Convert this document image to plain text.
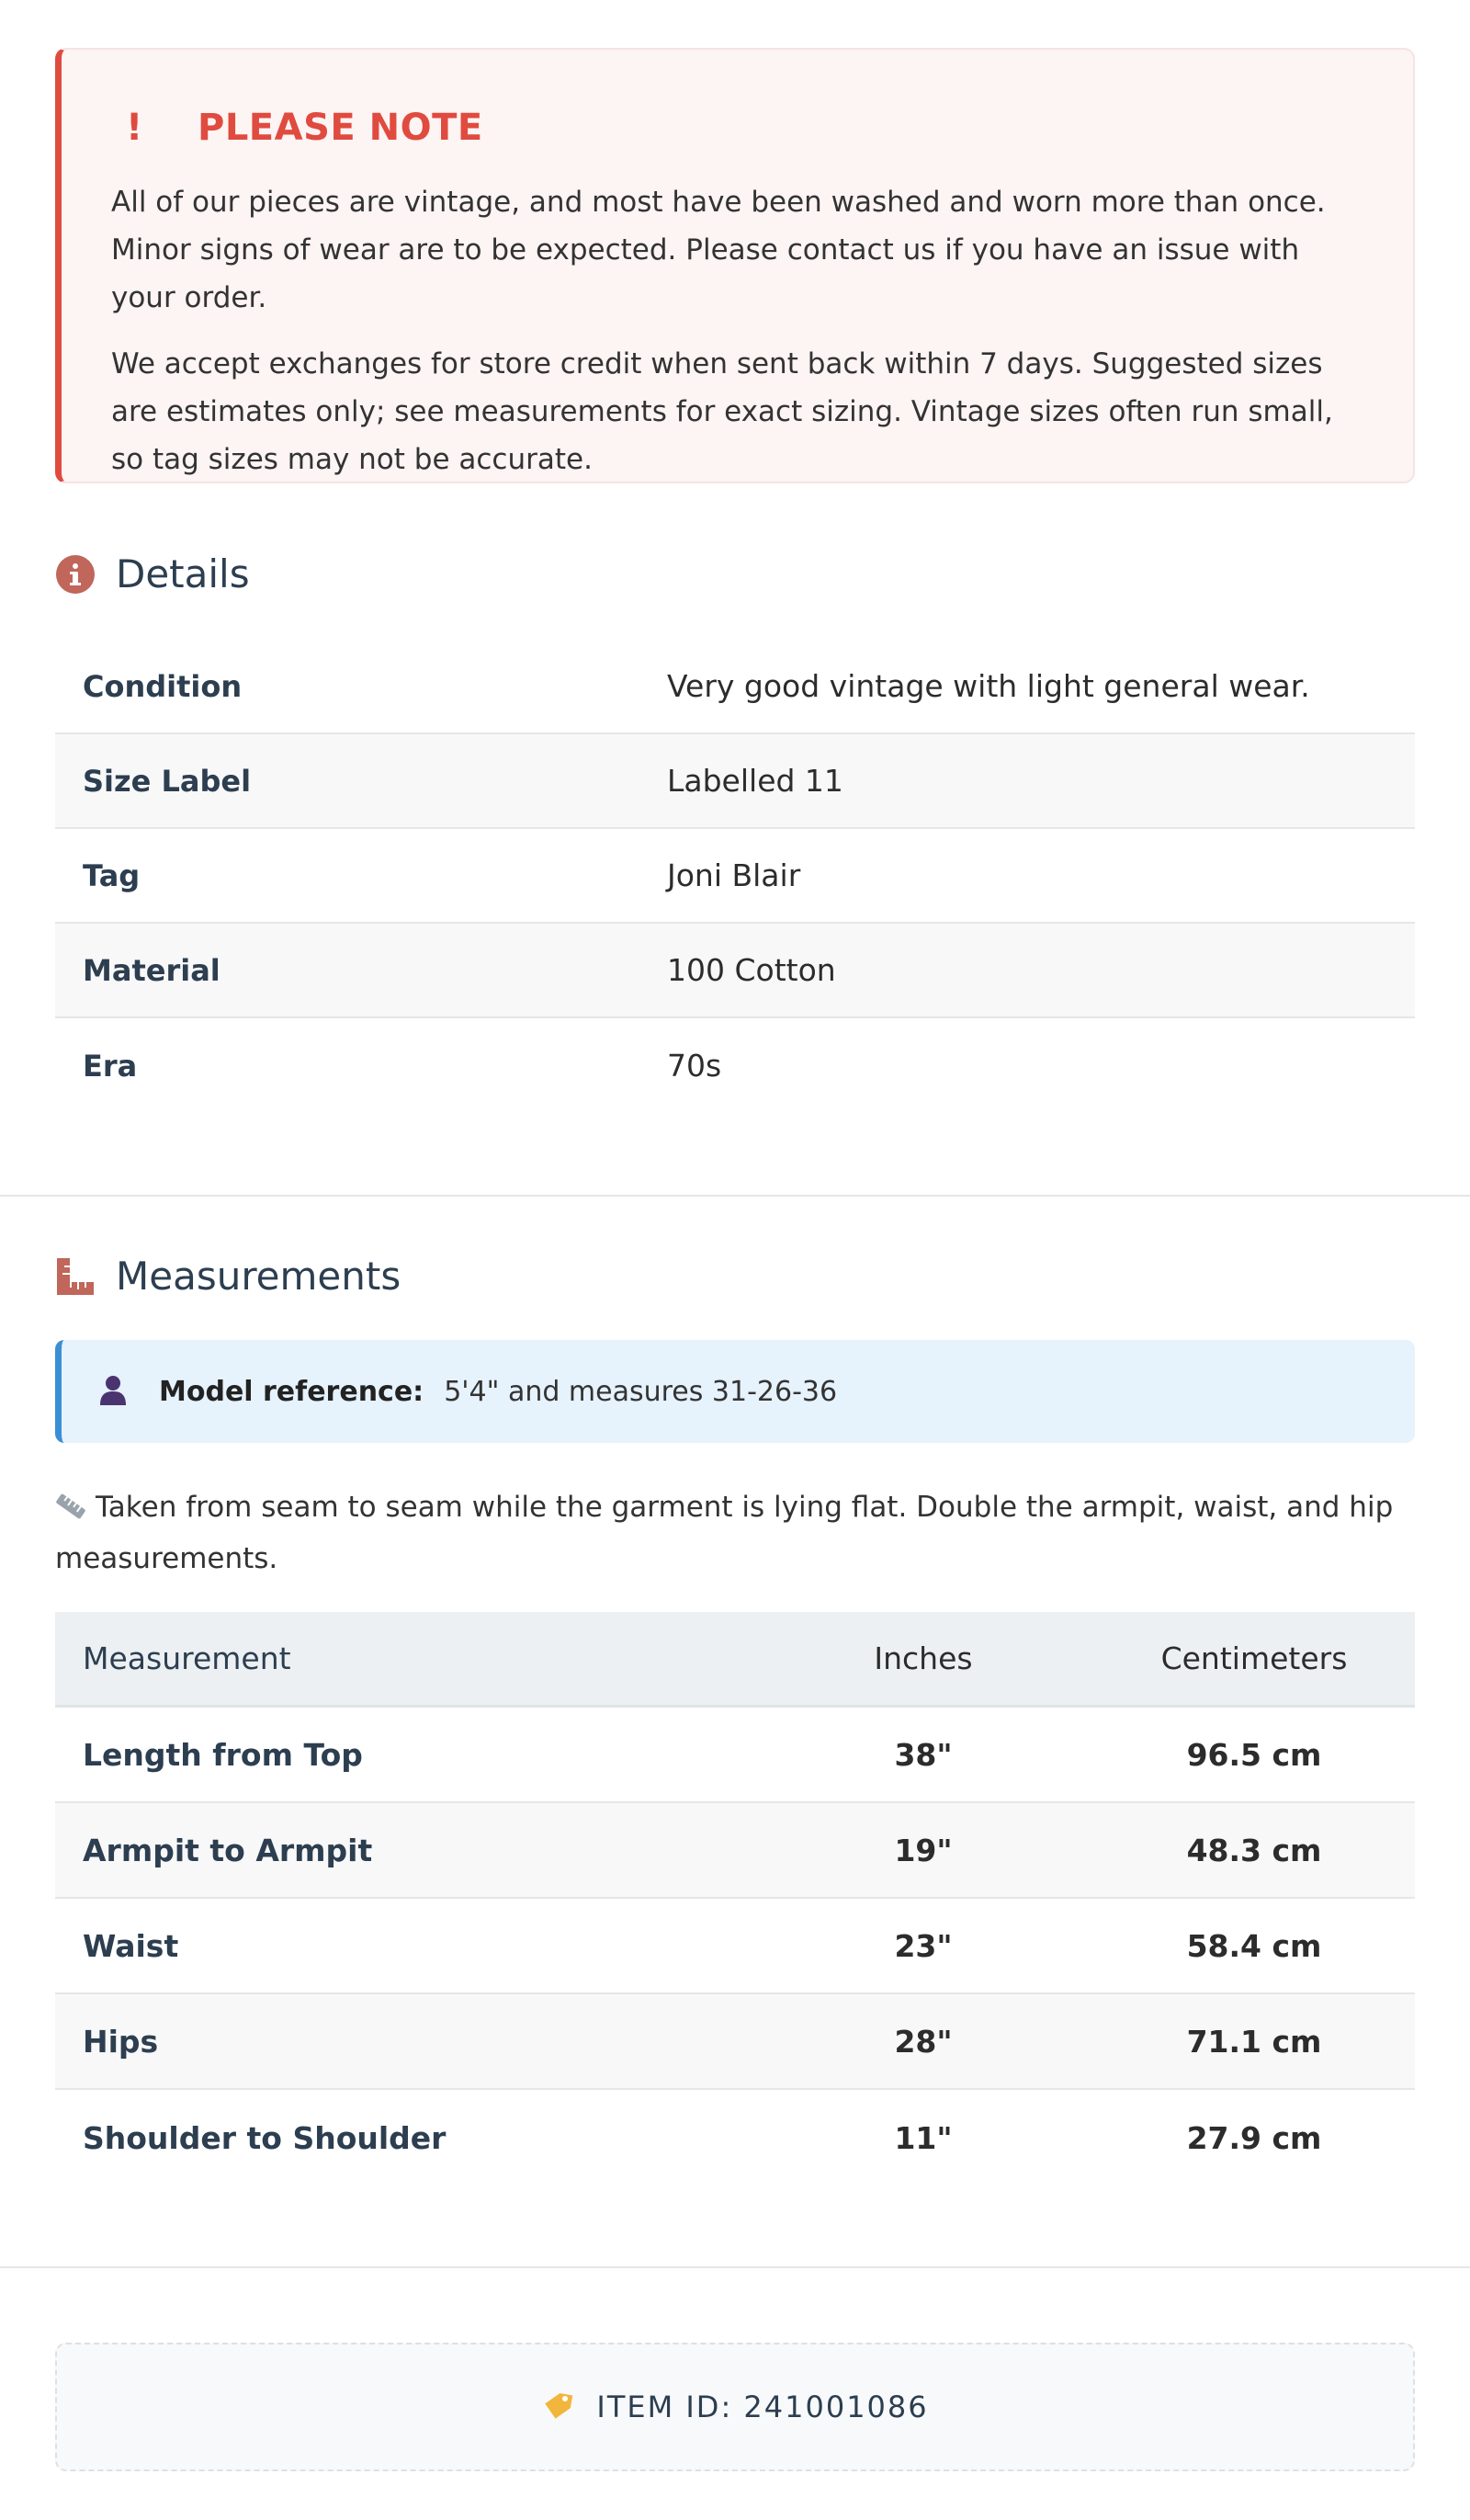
!	PLEASE NOTE

All of our pieces are vintage, and most have been washed and worn more than once. Minor signs of wear are to be expected. Please contact us if you have an issue with your order.

We accept exchanges for store credit when sent back within 7 days. Suggested sizes are estimates only; see measurements for exact sizing. Vintage sizes often run small, so tag sizes may not be accurate.

Details
Condition	Very good vintage with light general wear.
Size Label	Labelled 11
Tag	Joni Blair
Material	100 Cotton
Era	70s
Measurements
Model reference: 5'4" and measures 31-26-36
Taken from seam to seam while the garment is lying flat. Double the armpit, waist, and hip measurements.
Measurement	Inches	Centimeters
Length from Top	38"	96.5 cm
Armpit to Armpit	19"	48.3 cm
Waist	23"	58.4 cm
Hips	28"	71.1 cm
Shoulder to Shoulder	11"	27.9 cm
ITEM ID: 241001086
